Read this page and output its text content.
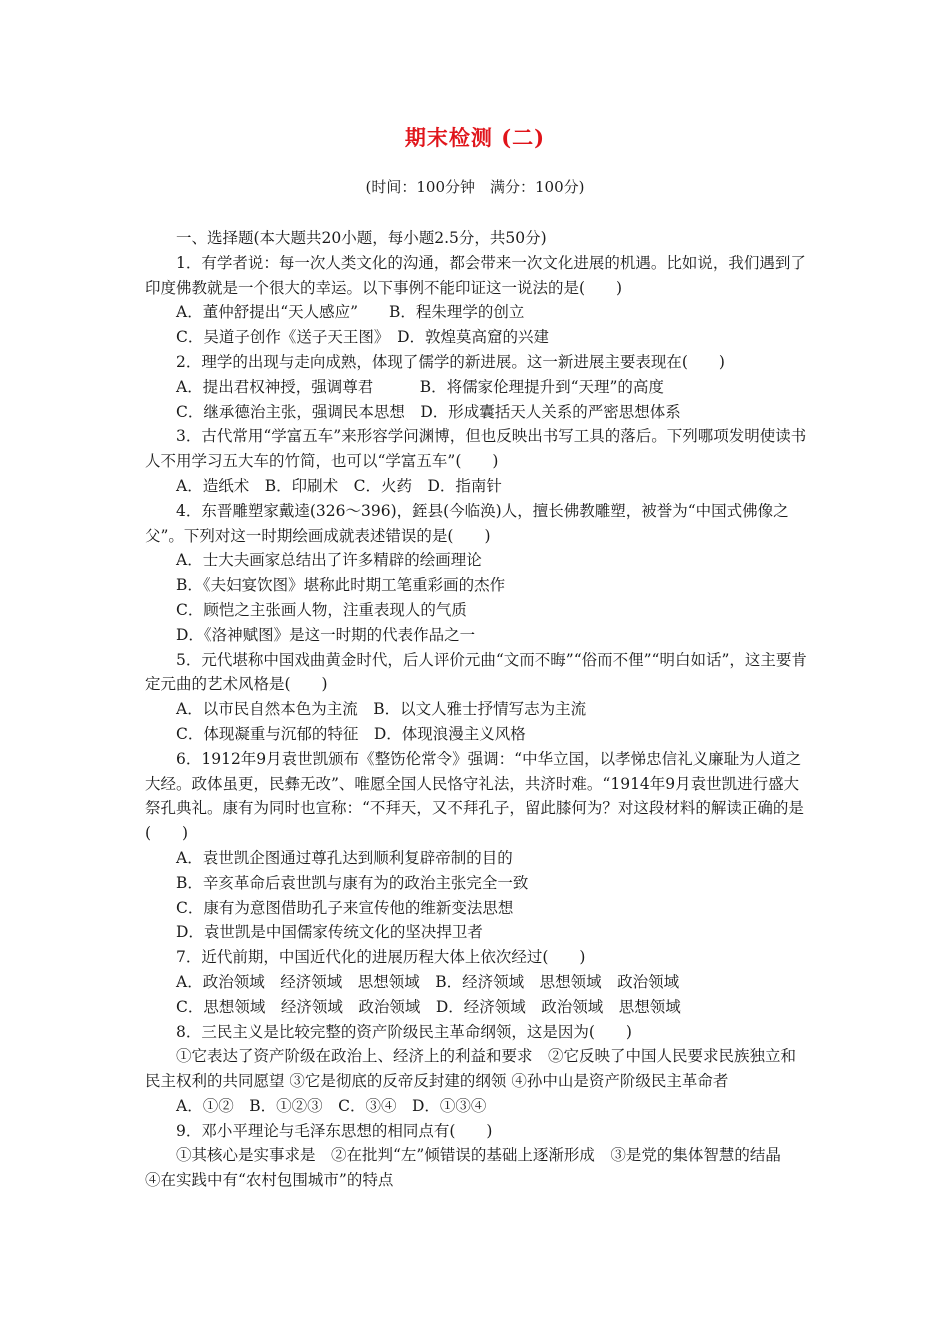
期末检测 (二)
(时间：100分钟　满分：100分)

一、选择题(本大题共20小题，每小题2.5分，共50分)

1．有学者说：每一次人类文化的沟通，都会带来一次文化进展的机遇。比如说，我们遇到了印度佛教就是一个很大的幸运。以下事例不能印证这一说法的是(　　)

A．董仲舒提出“天人感应”　　B．程朱理学的创立

C．吴道子创作《送子天王图》　D．敦煌莫高窟的兴建

2．理学的出现与走向成熟，体现了儒学的新进展。这一新进展主要表现在(　　)

A．提出君权神授，强调尊君　　　B．将儒家伦理提升到“天理”的高度

C．继承德治主张，强调民本思想　D．形成囊括天人关系的严密思想体系

3．古代常用“学富五车”来形容学问渊博，但也反映出书写工具的落后。下列哪项发明使读书人不用学习五大车的竹简，也可以“学富五车”(　　)

A．造纸术　B．印刷术　C．火药　D．指南针

4．东晋雕塑家戴逵(326～396)，銍县(今临涣)人，擅长佛教雕塑，被誉为“中国式佛像之父”。下列对这一时期绘画成就表述错误的是(　　)

A．士大夫画家总结出了许多精辟的绘画理论

B．《夫妇宴饮图》堪称此时期工笔重彩画的杰作

C．顾恺之主张画人物，注重表现人的气质

D．《洛神赋图》是这一时期的代表作品之一

5．元代堪称中国戏曲黄金时代，后人评价元曲“文而不晦”“俗而不俚”“明白如话”，这主要肯定元曲的艺术风格是(　　)

A．以市民自然本色为主流　B．以文人雅士抒情写志为主流

C．体现凝重与沉郁的特征　D．体现浪漫主义风格

6．1912年9月袁世凯颁布《整饬伦常令》强调：“中华立国，以孝悌忠信礼义廉耻为人道之大经。政体虽更，民彝无改”、唯愿全国人民恪守礼法，共济时难。“1914年9月袁世凯进行盛大祭孔典礼。康有为同时也宣称：“不拜天，又不拜孔子，留此膝何为？对这段材料的解读正确的是 (　　)

A．袁世凯企图通过尊孔达到顺利复辟帝制的目的

B．辛亥革命后袁世凯与康有为的政治主张完全一致

C．康有为意图借助孔子来宣传他的维新变法思想

D．袁世凯是中国儒家传统文化的坚决捍卫者

7．近代前期，中国近代化的进展历程大体上依次经过(　　)

A．政治领域　经济领域　思想领域　B．经济领域　思想领域　政治领域

C．思想领域　经济领域　政治领域　D．经济领域　政治领域　思想领域

8．三民主义是比较完整的资产阶级民主革命纲领，这是因为(　　)

①它表达了资产阶级在政治上、经济上的利益和要求　②它反映了中国人民要求民族独立和民主权利的共同愿望 ③它是彻底的反帝反封建的纲领 ④孙中山是资产阶级民主革命者

A．①②　B．①②③　C．③④　D．①③④

9．邓小平理论与毛泽东思想的相同点有(　　)

①其核心是实事求是　②在批判“左”倾错误的基础上逐渐形成　③是党的集体智慧的结晶　④在实践中有“农村包围城市”的特点
